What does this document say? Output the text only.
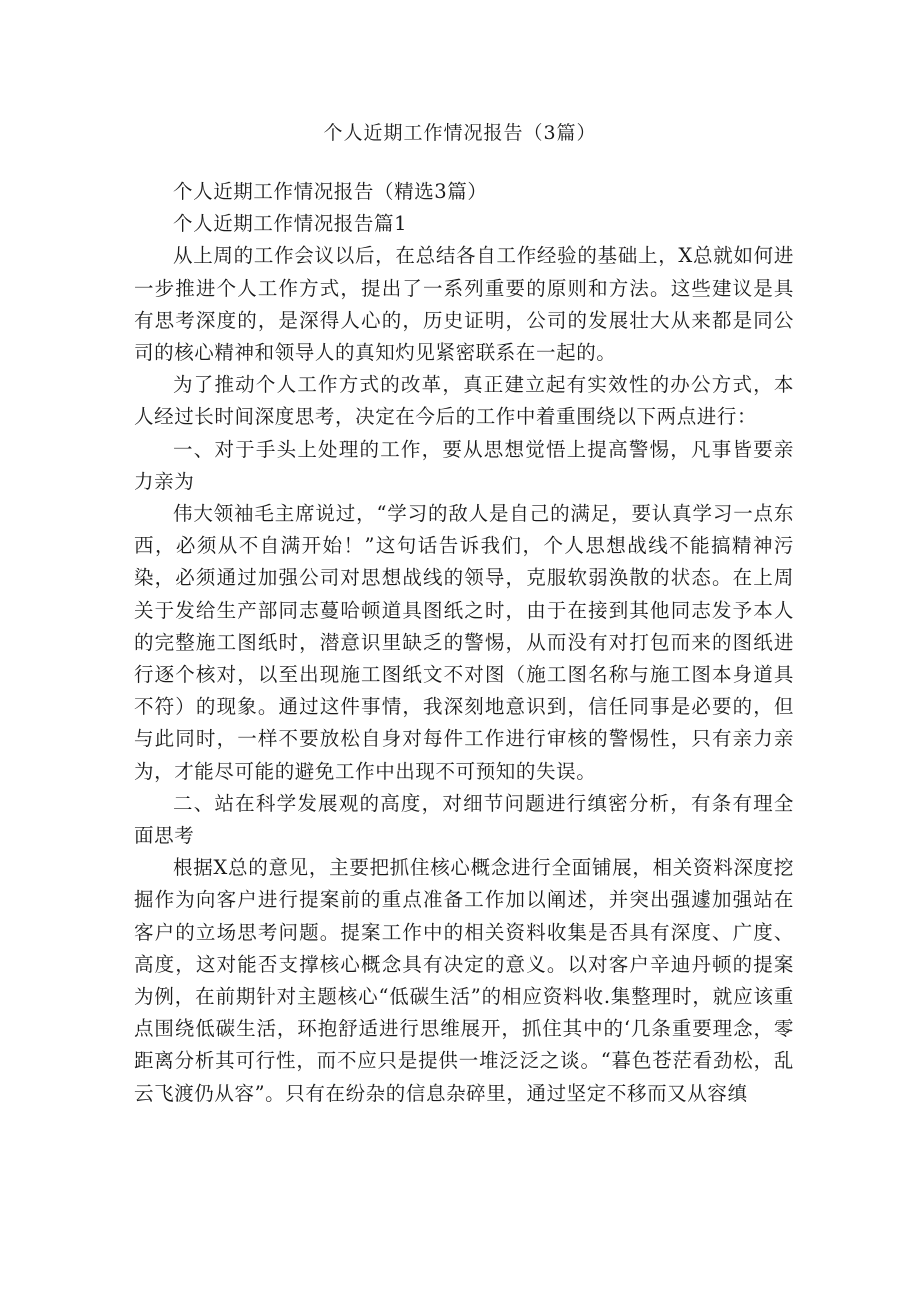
个人近期工作情况报告（3篇）

个人近期工作情况报告（精选3篇）

个人近期工作情况报告篇1

从上周的工作会议以后，在总结各自工作经验的基础上，X总就如何进一步推进个人工作方式，提出了一系列重要的原则和方法。这些建议是具有思考深度的，是深得人心的，历史证明，公司的发展壮大从来都是同公司的核心精神和领导人的真知灼见紧密联系在一起的。

为了推动个人工作方式的改革，真正建立起有实效性的办公方式，本人经过长时间深度思考，决定在今后的工作中着重围绕以下两点进行：

一、对于手头上处理的工作，要从思想觉悟上提高警惕，凡事皆要亲力亲为

伟大领袖毛主席说过，“学习的敌人是自己的满足，要认真学习一点东西，必须从不自满开始！”这句话告诉我们，个人思想战线不能搞精神污染，必须通过加强公司对思想战线的领导，克服软弱涣散的状态。在上周关于发给生产部同志蔓哈顿道具图纸之时，由于在接到其他同志发予本人的完整施工图纸时，潜意识里缺乏的警惕，从而没有对打包而来的图纸进行逐个核对，以至出现施工图纸文不对图（施工图名称与施工图本身道具不符）的现象。通过这件事情，我深刻地意识到，信任同事是必要的，但与此同时，一样不要放松自身对每件工作进行审核的警惕性，只有亲力亲为，才能尽可能的避免工作中出现不可预知的失误。

二、站在科学发展观的高度，对细节问题进行缜密分析，有条有理全面思考

根据X总的意见，主要把抓住核心概念进行全面铺展，相关资料深度挖掘作为向客户进行提案前的重点准备工作加以阐述，并突出强遽加强站在客户的立场思考问题。提案工作中的相关资料收集是否具有深度、广度、高度，这对能否支撑核心概念具有决定的意义。以对客户辛迪丹顿的提案为例，在前期针对主题核心“低碳生活”的相应资料收.集整理时，就应该重点围绕低碳生活，环抱舒适进行思维展开，抓住其中的‘几条重要理念，零距离分析其可行性，而不应只是提供一堆泛泛之谈。“暮色苍茫看劲松，乱云飞渡仍从容”。只有在纷杂的信息杂碎里，通过坚定不移而又从容缜
